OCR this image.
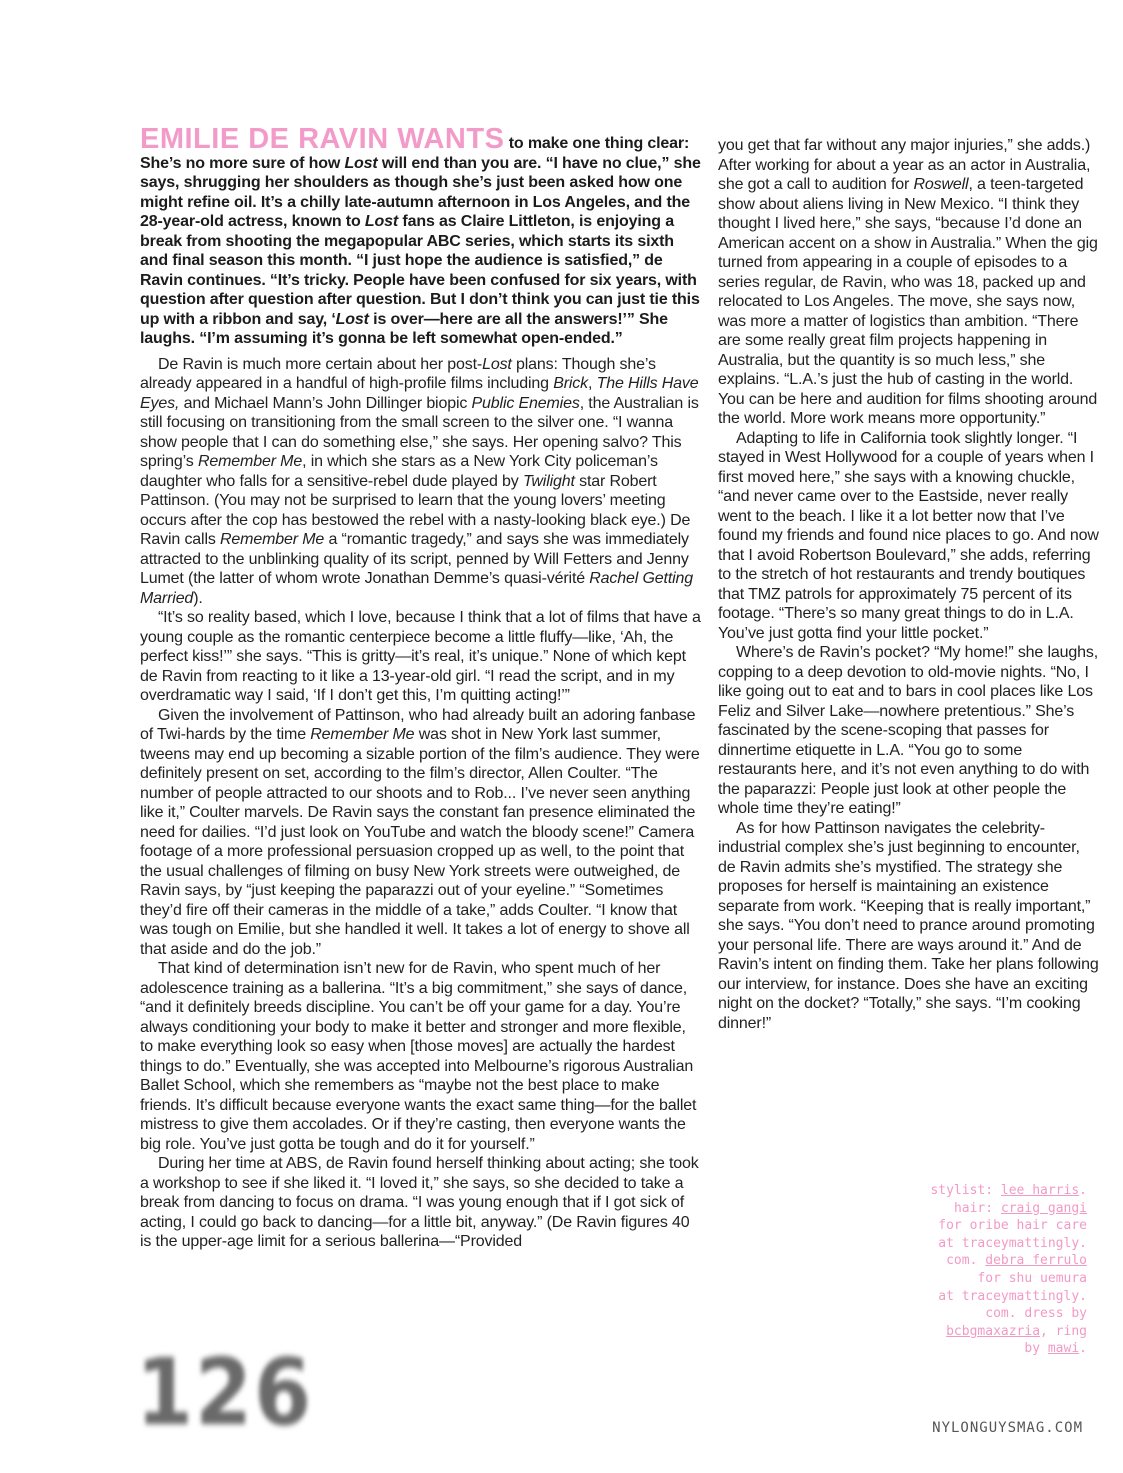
EMILIE DE RAVIN WANTS to make one thing clear: She’s no more sure of how Lost will end than you are. “I have no clue,” she says, shrugging her shoulders as though she’s just been asked how one might refine oil. It’s a chilly late-autumn afternoon in Los Angeles, and the 28-year-old actress, known to Lost fans as Claire Littleton, is enjoying a break from shooting the megapopular ABC series, which starts its sixth and final season this month. “I just hope the audience is satisfied,” de Ravin continues. “It’s tricky. People have been confused for six years, with question after question after question. But I don’t think you can just tie this up with a ribbon and say, ‘Lost is over—here are all the answers!’” She laughs. “I’m assuming it’s gonna be left somewhat open-ended.”

De Ravin is much more certain about her post-Lost plans: Though she’s already appeared in a handful of high-profile films including Brick, The Hills Have Eyes, and Michael Mann’s John Dillinger biopic Public Enemies, the Australian is still focusing on transitioning from the small screen to the silver one. “I wanna show people that I can do something else,” she says. Her opening salvo? This spring’s Remember Me, in which she stars as a New York City policeman’s daughter who falls for a sensitive-rebel dude played by Twilight star Robert Pattinson. (You may not be surprised to learn that the young lovers’ meeting occurs after the cop has bestowed the rebel with a nasty-looking black eye.) De Ravin calls Remember Me a “romantic tragedy,” and says she was immediately attracted to the unblinking quality of its script, penned by Will Fetters and Jenny Lumet (the latter of whom wrote Jonathan Demme’s quasi-vérité Rachel Getting Married).

“It’s so reality based, which I love, because I think that a lot of films that have a young couple as the romantic centerpiece become a little fluffy—like, ‘Ah, the perfect kiss!’” she says. “This is gritty—it’s real, it’s unique.” None of which kept de Ravin from reacting to it like a 13-year-old girl. “I read the script, and in my overdramatic way I said, ‘If I don’t get this, I’m quitting acting!’”

Given the involvement of Pattinson, who had already built an adoring fanbase of Twi-hards by the time Remember Me was shot in New York last summer, tweens may end up becoming a sizable portion of the film’s audience. They were definitely present on set, according to the film’s director, Allen Coulter. “The number of people attracted to our shoots and to Rob... I’ve never seen anything like it,” Coulter marvels. De Ravin says the constant fan presence eliminated the need for dailies. “I’d just look on YouTube and watch the bloody scene!” Camera footage of a more professional persuasion cropped up as well, to the point that the usual challenges of filming on busy New York streets were outweighed, de Ravin says, by “just keeping the paparazzi out of your eyeline.” “Sometimes they’d fire off their cameras in the middle of a take,” adds Coulter. “I know that was tough on Emilie, but she handled it well. It takes a lot of energy to shove all that aside and do the job.”

That kind of determination isn’t new for de Ravin, who spent much of her adolescence training as a ballerina. “It’s a big commitment,” she says of dance, “and it definitely breeds discipline. You can’t be off your game for a day. You’re always conditioning your body to make it better and stronger and more flexible, to make everything look so easy when [those moves] are actually the hardest things to do.” Eventually, she was accepted into Melbourne’s rigorous Australian Ballet School, which she remembers as “maybe not the best place to make friends. It’s difficult because everyone wants the exact same thing—for the ballet mistress to give them accolades. Or if they’re casting, then everyone wants the big role. You’ve just gotta be tough and do it for yourself.”

During her time at ABS, de Ravin found herself thinking about acting; she took a workshop to see if she liked it. “I loved it,” she says, so she decided to take a break from dancing to focus on drama. “I was young enough that if I got sick of acting, I could go back to dancing—for a little bit, anyway.” (De Ravin figures 40 is the upper-age limit for a serious ballerina—“Provided

you get that far without any major injuries,” she adds.) After working for about a year as an actor in Australia, she got a call to audition for Roswell, a teen-targeted show about aliens living in New Mexico. “I think they thought I lived here,” she says, “because I’d done an American accent on a show in Australia.” When the gig turned from appearing in a couple of episodes to a series regular, de Ravin, who was 18, packed up and relocated to Los Angeles. The move, she says now, was more a matter of logistics than ambition. “There are some really great film projects happening in Australia, but the quantity is so much less,” she explains. “L.A.’s just the hub of casting in the world. You can be here and audition for films shooting around the world. More work means more opportunity.”

Adapting to life in California took slightly longer. “I stayed in West Hollywood for a couple of years when I first moved here,” she says with a knowing chuckle, “and never came over to the Eastside, never really went to the beach. I like it a lot better now that I’ve found my friends and found nice places to go. And now that I avoid Robertson Boulevard,” she adds, referring to the stretch of hot restaurants and trendy boutiques that TMZ patrols for approximately 75 percent of its footage. “There’s so many great things to do in L.A. You’ve just gotta find your little pocket.”

Where’s de Ravin’s pocket? “My home!” she laughs, copping to a deep devotion to old-movie nights. “No, I like going out to eat and to bars in cool places like Los Feliz and Silver Lake—nowhere pretentious.” She’s fascinated by the scene-scoping that passes for dinnertime etiquette in L.A. “You go to some restaurants here, and it’s not even anything to do with the paparazzi: People just look at other people the whole time they’re eating!”

As for how Pattinson navigates the celebrity-industrial complex she’s just beginning to encounter, de Ravin admits she’s mystified. The strategy she proposes for herself is maintaining an existence separate from work. “Keeping that is really important,” she says. “You don’t need to prance around promoting your personal life. There are ways around it.” And de Ravin’s intent on finding them. Take her plans following our interview, for instance. Does she have an exciting night on the docket? “Totally,” she says. “I’m cooking dinner!”

stylist: lee harris.
hair: craig gangi
for oribe hair care
at traceymattingly.
com. debra ferrulo
for shu uemura
at traceymattingly.
com. dress by
bcbgmaxazria, ring
by mawi.
126	NYLONGUYSMAG.COM
